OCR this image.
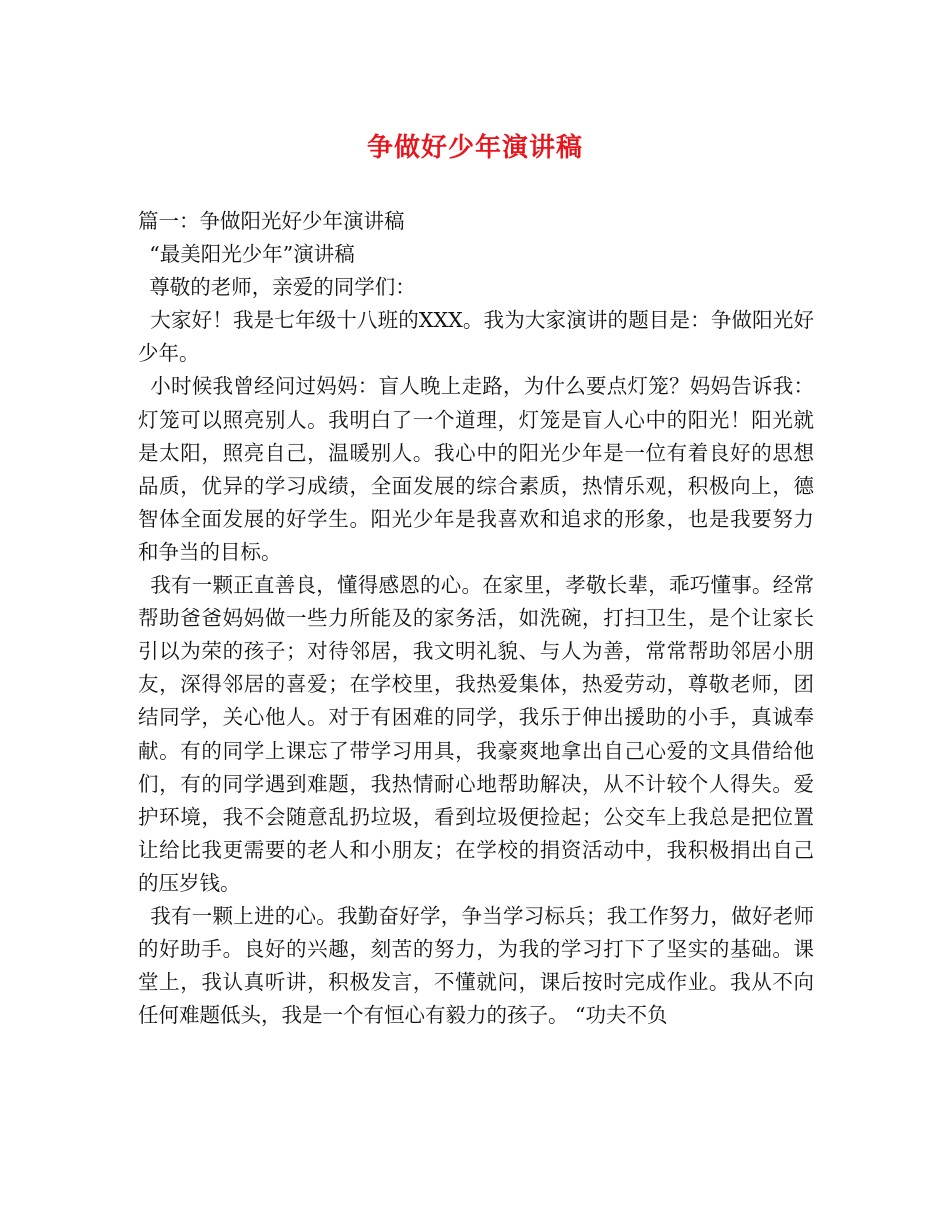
争做好少年演讲稿

篇一：争做阳光好少年演讲稿

“最美阳光少年”演讲稿

尊敬的老师，亲爱的同学们：

大家好！我是七年级十八班的XXX。我为大家演讲的题目是：争做阳光好少年。

小时候我曾经问过妈妈：盲人晚上走路，为什么要点灯笼？妈妈告诉我：灯笼可以照亮别人。我明白了一个道理，灯笼是盲人心中的阳光！阳光就是太阳，照亮自己，温暖别人。我心中的阳光少年是一位有着良好的思想品质，优异的学习成绩，全面发展的综合素质，热情乐观，积极向上，德智体全面发展的好学生。阳光少年是我喜欢和追求的形象，也是我要努力和争当的目标。

我有一颗正直善良，懂得感恩的心。在家里，孝敬长辈，乖巧懂事。经常帮助爸爸妈妈做一些力所能及的家务活，如洗碗，打扫卫生，是个让家长引以为荣的孩子；对待邻居，我文明礼貌、与人为善，常常帮助邻居小朋友，深得邻居的喜爱；在学校里，我热爱集体，热爱劳动，尊敬老师，团结同学，关心他人。对于有困难的同学，我乐于伸出援助的小手，真诚奉献。有的同学上课忘了带学习用具，我豪爽地拿出自己心爱的文具借给他们，有的同学遇到难题，我热情耐心地帮助解决，从不计较个人得失。爱护环境，我不会随意乱扔垃圾，看到垃圾便捡起；公交车上我总是把位置让给比我更需要的老人和小朋友；在学校的捐资活动中，我积极捐出自己的压岁钱。

我有一颗上进的心。我勤奋好学，争当学习标兵；我工作努力，做好老师的好助手。良好的兴趣，刻苦的努力，为我的学习打下了坚实的基础。课堂上，我认真听讲，积极发言，不懂就问，课后按时完成作业。我从不向任何难题低头，我是一个有恒心有毅力的孩子。 “功夫不负
